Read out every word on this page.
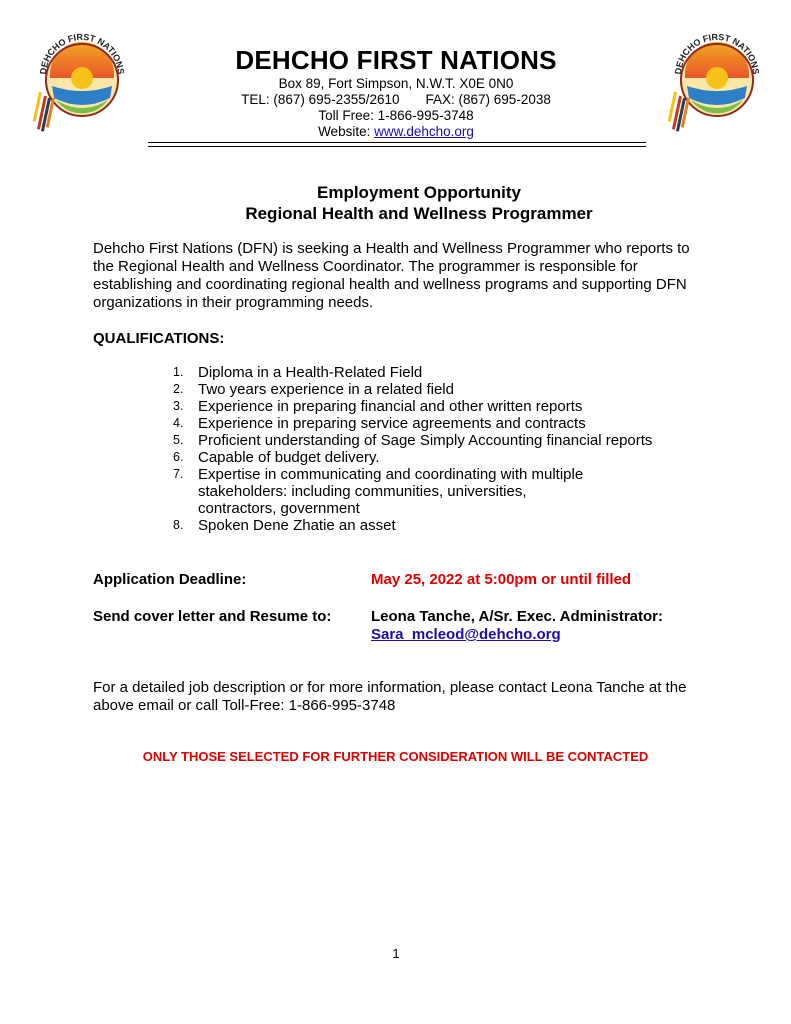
DEHCHO FIRST NATIONS	DEHCHO FIRST NATIONS
DEHCHO FIRST NATIONS
Box 89, Fort Simpson, N.W.T. X0E 0N0
TEL: (867) 695-2355/2610 FAX: (867) 695-2038
Toll Free: 1-866-995-3748
Website: www.dehcho.org
Employment Opportunity
Regional Health and Wellness Programmer
Dehcho First Nations (DFN) is seeking a Health and Wellness Programmer who reports to the Regional Health and Wellness Coordinator. The programmer is responsible for establishing and coordinating regional health and wellness programs and supporting DFN organizations in their programming needs.
QUALIFICATIONS:
1. Diploma in a Health-Related Field
2. Two years experience in a related field
3. Experience in preparing financial and other written reports
4. Experience in preparing service agreements and contracts
5. Proficient understanding of Sage Simply Accounting financial reports
6. Capable of budget delivery.
7. Expertise in communicating and coordinating with multiple stakeholders: including communities, universities, contractors, government
8. Spoken Dene Zhatie an asset
Application Deadline:	May 25, 2022 at 5:00pm or until filled
Send cover letter and Resume to:	Leona Tanche, A/Sr. Exec. Administrator:
Sara_mcleod@dehcho.org
For a detailed job description or for more information, please contact Leona Tanche at the above email or call Toll-Free: 1-866-995-3748
ONLY THOSE SELECTED FOR FURTHER CONSIDERATION WILL BE CONTACTED
1
